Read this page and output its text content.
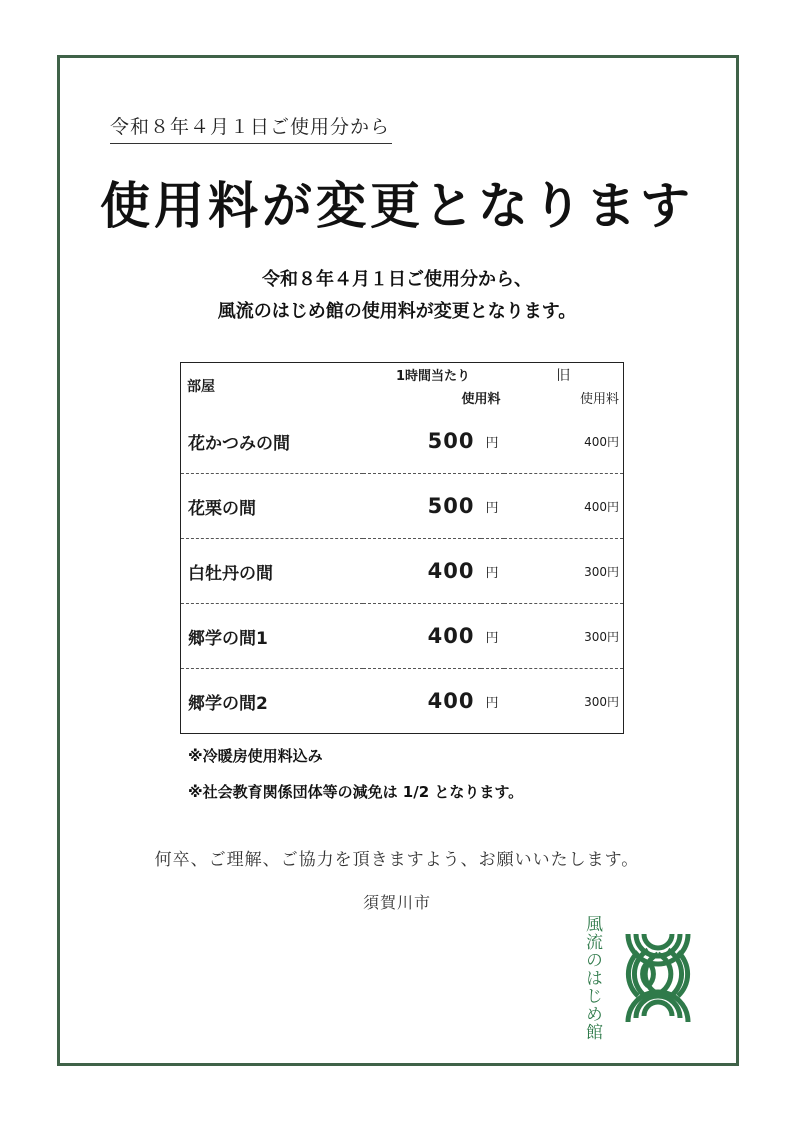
令和８年４月１日ご使用分から
使用料が変更となります
令和８年４月１日ご使用分から、
風流のはじめ館の使用料が変更となります。
部屋	1時間当たり		旧
	使用料		使用料
花かつみの間	500	円	400円
花栗の間	500	円	400円
白牡丹の間	400	円	300円
郷学の間1	400	円	300円
郷学の間2	400	円	300円
※冷暖房使用料込み
※社会教育関係団体等の減免は 1/2 となります。
何卒、ご理解、ご協力を頂きますよう、お願いいたします。
須賀川市
風流のはじめ館
